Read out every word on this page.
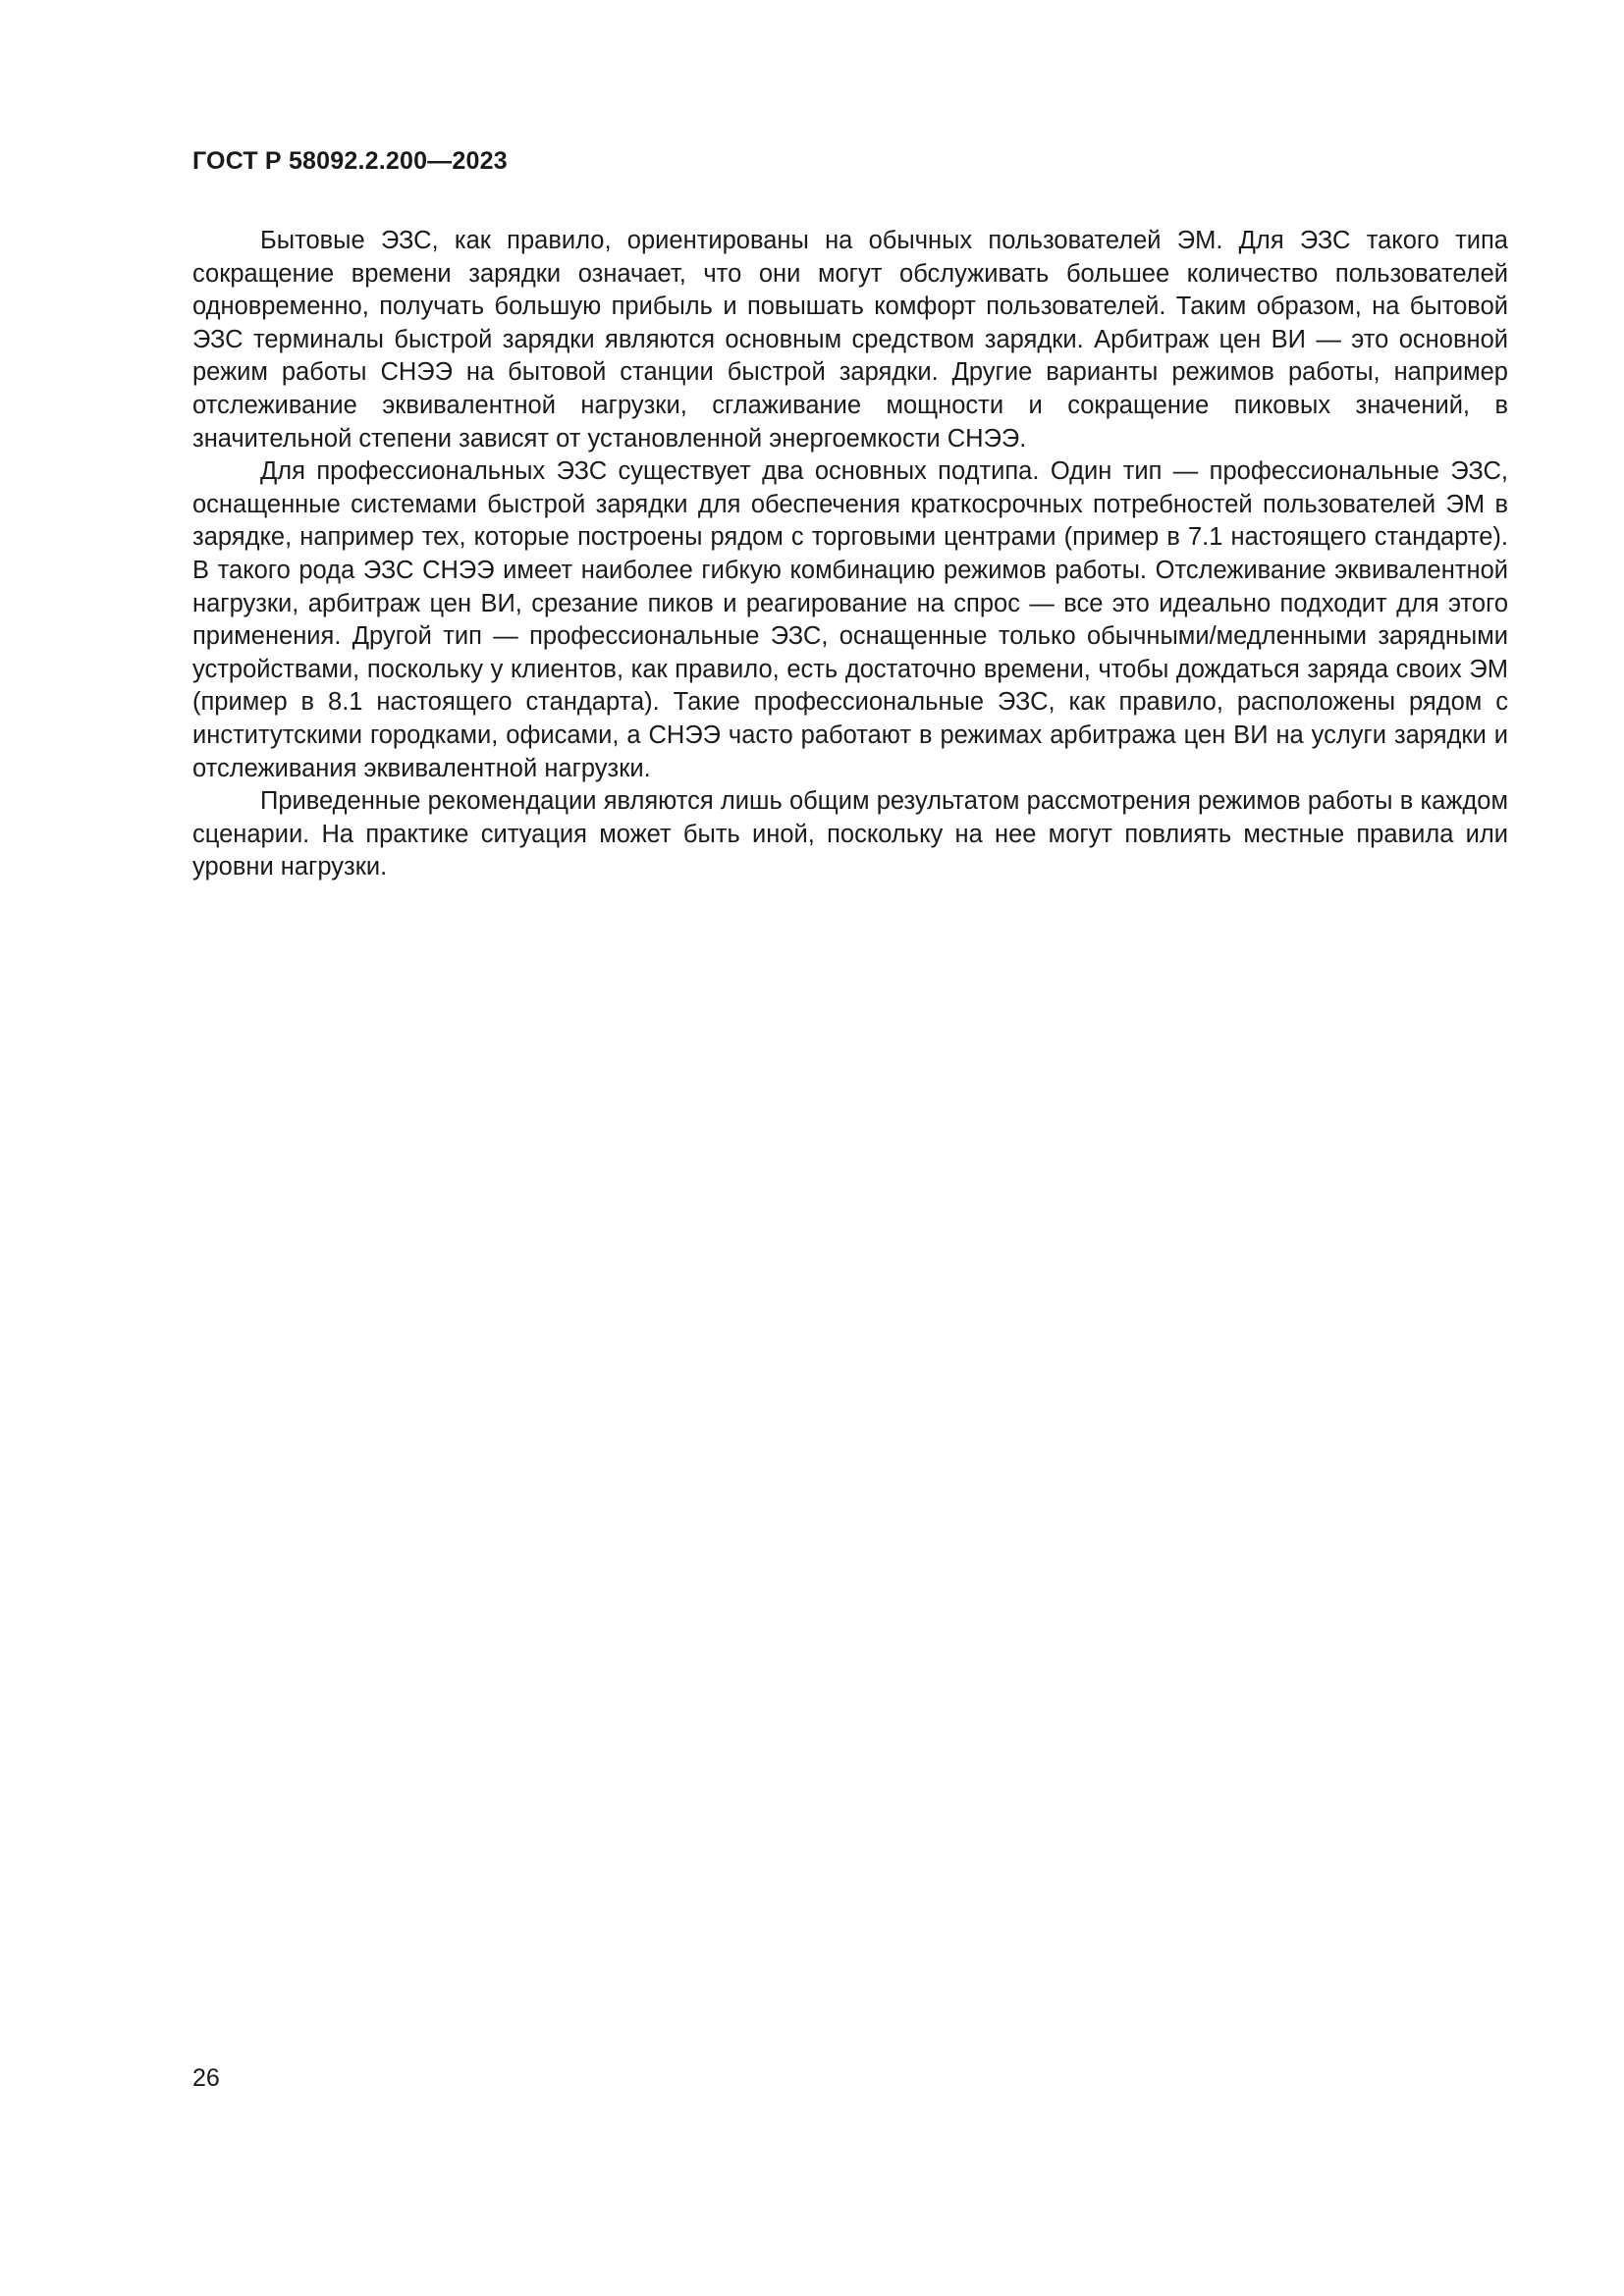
ГОСТ Р 58092.2.200—2023

Бытовые ЭЗС, как правило, ориентированы на обычных пользователей ЭМ. Для ЭЗС такого типа сокращение времени зарядки означает, что они могут обслуживать большее количество пользователей одновременно, получать большую прибыль и повышать комфорт пользователей. Таким образом, на бытовой ЭЗС терминалы быстрой зарядки являются основным средством зарядки. Арбитраж цен ВИ — это основной режим работы СНЭЭ на бытовой станции быстрой зарядки. Другие варианты режимов работы, например отслеживание эквивалентной нагрузки, сглаживание мощности и сокращение пиковых значений, в значительной степени зависят от установленной энергоемкости СНЭЭ.

Для профессиональных ЭЗС существует два основных подтипа. Один тип — профессиональные ЭЗС, оснащенные системами быстрой зарядки для обеспечения краткосрочных потребностей пользователей ЭМ в зарядке, например тех, которые построены рядом с торговыми центрами (пример в 7.1 настоящего стандарте). В такого рода ЭЗС СНЭЭ имеет наиболее гибкую комбинацию режимов работы. Отслеживание эквивалентной нагрузки, арбитраж цен ВИ, срезание пиков и реагирование на спрос — все это идеально подходит для этого применения. Другой тип — профессиональные ЭЗС, оснащенные только обычными/медленными зарядными устройствами, поскольку у клиентов, как правило, есть достаточно времени, чтобы дождаться заряда своих ЭМ (пример в 8.1 настоящего стандарта). Такие профессиональные ЭЗС, как правило, расположены рядом с институтскими городками, офисами, а СНЭЭ часто работают в режимах арбитража цен ВИ на услуги зарядки и отслеживания эквивалентной нагрузки.

Приведенные рекомендации являются лишь общим результатом рассмотрения режимов работы в каждом сценарии. На практике ситуация может быть иной, поскольку на нее могут повлиять местные правила или уровни нагрузки.

26
